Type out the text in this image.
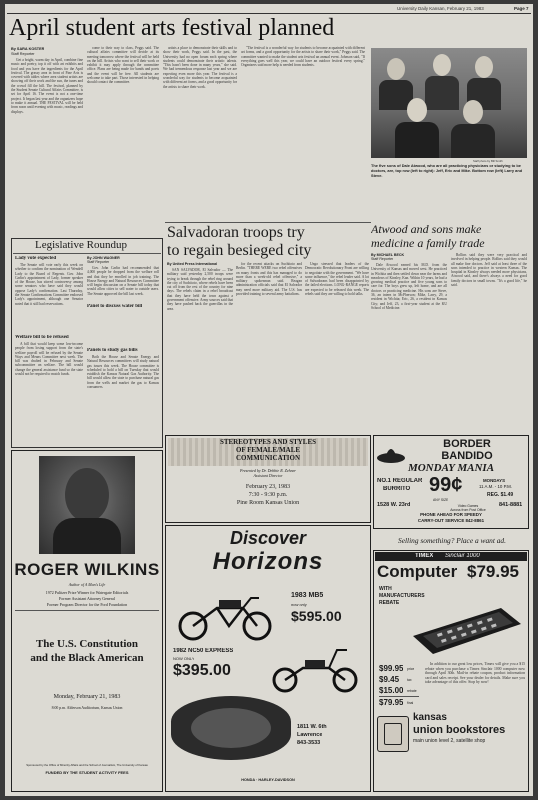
University Daily Kansan, February 21, 1983	Page 7
April student arts festival planned
By SARA KOSTER
Staff Reporter

Get a bright, warm day in April, combine fine music and poetry, top it off with art exhibits and food and you have the ingredients for the April festival. The grassy area in front of Fine Arts is covered with tables where area student artists are showing off their work and the sun, the tunes and the crowd fill the hill. The festival, planned by the Student Senate Cultural Affairs Committee, is set for April 16. The event is not a one-time project. It began last year and the organizers hope to make it annual. THE FESTIVAL will be held from noon until evening with music, readings and displays.

come to their way to class, Peggs said. The cultural affairs committee will decide at its meeting tomorrow where the festival will be held on the hill. Artists who want to sell their work or exhibit it may apply through the committee office. Plans are being made for bands and poets and the event will be free. All students are welcome to take part. Those interested in helping should contact the committee.

artists a place to demonstrate their skills and to show their work, Peggs said. In the past, the University had no open forum each spring where students could demonstrate their artistic talents. "This hasn't been done in many years," she said. We had tremendous response last year and we are expecting even more this year. The festival is a wonderful way for students to become acquainted with different art forms, and a good opportunity for the artists to share their work.

"The festival is a wonderful way for students to become acquainted with different art forms, and a good opportunity for the artists to share their work," Peggs said. The committee wanted to make the student arts festival an annual event. Johnson said, "If everything goes well this year, we could have an outdoor festival every spring." Organizers said more help is needed from students.

Staff photo by Bill Smith
The five sons of Dale Atwood, who are all practicing physicians or studying to be doctors, are, top row (left to right): Jeff, Eric and Mike. Bottom row (left) Larry and Steve.
Legislative Roundup
By JOHN WAGNER
Staff Reporter
Lady vote expected

The Senate will vote early this week on whether to confirm the nomination of Wendell Lady to the Board of Regents. Gov. John Carlin's appointment of Lady, former speaker of the House, has stirred controversy among some senators who have said they would oppose Lady's confirmation. Last Thursday, the Senate Confirmations Committee endorsed Lady's appointment, although one Senator noted that it still had reservations.

Welfare bill to be refused

A bill that would keep some low-income people from losing support from the state's welfare payroll will be refused by the Senate Ways and Means Committee next week. The bill was drafted in February and Senate subcommittee on welfare. The bill would change the general assistance fund so the state would not be required to match funds.

Gov. John Carlin had recommended that 4,000 people be dropped from the welfare roll and that they be enrolled in job training. The House Energy and Natural Resources Committee will begin discussion on a Senate bill today that would allow cities to sell water to outside users. The Senate approved the bill last week.

Panel to discuss water bill
Panels to study gas bills

Both the House and Senate Energy and Natural Resources committees will study natural gas issues this week. The House committee is scheduled to hold a bill on Tuesday that would establish the Kansas Natural Gas Authority. The bill would allow the state to purchase natural gas from the wells and market the gas to Kansas consumers.

Salvadoran troops try
to regain besieged city
By United Press International

SAN SALVADOR, El Salvador — The military said yesterday 2,500 troops were trying to break through the rebel ring around the city of Suchitoto, where rebels have been cut off from the rest of the country for nine days. The rebels claim in a rebel broadcast that they have held the town against a government offensive. Army sources said that they have pushed back the guerrillas in the area.

for the recent attacks on Suchitoto and Berlin. "THERE WERE two rebel offensives on many fronts and this has managed to do more than a week-old rebel offensive," a military spokesman said. Reagan administration officials said that El Salvador may need more military aid. The U.S. has provided training to several army battalions.

Ungo stressed that leaders of the Democratic Revolutionary Front are willing to negotiate with the government. "We have some influence," the rebel leader said. A lot of Salvadorans had been disappointed by the failed elections. LONG-RANGE reports are expected to be released this week. The rebels said they are willing to hold talks.

Atwood and sons make
medicine a family trade
By MICHAEL BECK
Staff Reporter

Dale Atwood earned his M.D. from the University of Kansas and moved west. He practiced in Wichita and then settled down near the farms and meadows of Kinsley, Kan. Within 10 years, he had a growing medical practice and five young sons to care for. The boys grew up, left home, and are all doctors or practicing medicine. His sons are Steve, 36, an intern in McPherson; Mike, Larry, 29, a resident in Wichita; Eric, 26, a resident in Kansas City; and Jeff, 23, a first-year student at the KU School of Medicine.

Rollins said they were very practical and involved in helping people. Rollins said they would all make fine doctors. Jeff said at least three of the sons intended to practice in western Kansas. The hospital in Kinsley always needed more physicians, Atwood said, and there's always a need for good family doctors in small towns. "It's a good life," he said.

STEREOTYPES AND STYLES
OF FEMALE/MALE
COMMUNICATION
Presented by Dr. Debbie R. Zehner
Assistant Director
February 23, 1983
7:30 - 9:30 p.m.
Pine Room Kansas Union
ROGER WILKINS
Author of A Man's Life
1972 Pulitzer Prize Winner for Watergate Editorials
Former Assistant Attorney General
Former Program Director for the Ford Foundation
The U.S. Constitution
and the Black American
Monday, February 21, 1983
8:00 p.m. Alderson Auditorium, Kansas Union
Sponsored by the Office of Minority Affairs and the School of Journalism, The University of Kansas
FUNDED BY THE STUDENT ACTIVITY FEES
Discover
Horizons
1983 MB5
now only
$595.00
1982 NC50 EXPRESS
NOW ONLY
$395.00
1811 W. 6th
Lawrence
843-3533
HONDA · HARLEY-DAVIDSON
BORDER
BANDIDO
MONDAY MANIA
NO.1 REGULAR
BURRITO 99¢
ANY SIZE
MONDAYS
11 A.M. - 10 P.M.
REG. $1.49
Video Games
Across from Post Office
1528 W. 23rd	841-8881
PHONE AHEAD FOR SPEEDY
CARRY-OUT SERVICE 842-8861
Selling something? Place a want ad.
TIMEX Sinclair 1000
Computer $79.95
WITH
MANUFACTURERS
REBATE
$99.95 price
$9.45 tax
$15.00 rebate
$79.95 final

In addition to our great low prices, Timex will give you a $15 rebate when you purchase a Timex Sinclair 1000 computer now through April 30th. Mail-in rebate coupon, product information card and sales receipt. See your dealer for details. Make sure you take advantage of this offer. Stop by now!

kansas
union bookstores
main union level 2, satellite shop
